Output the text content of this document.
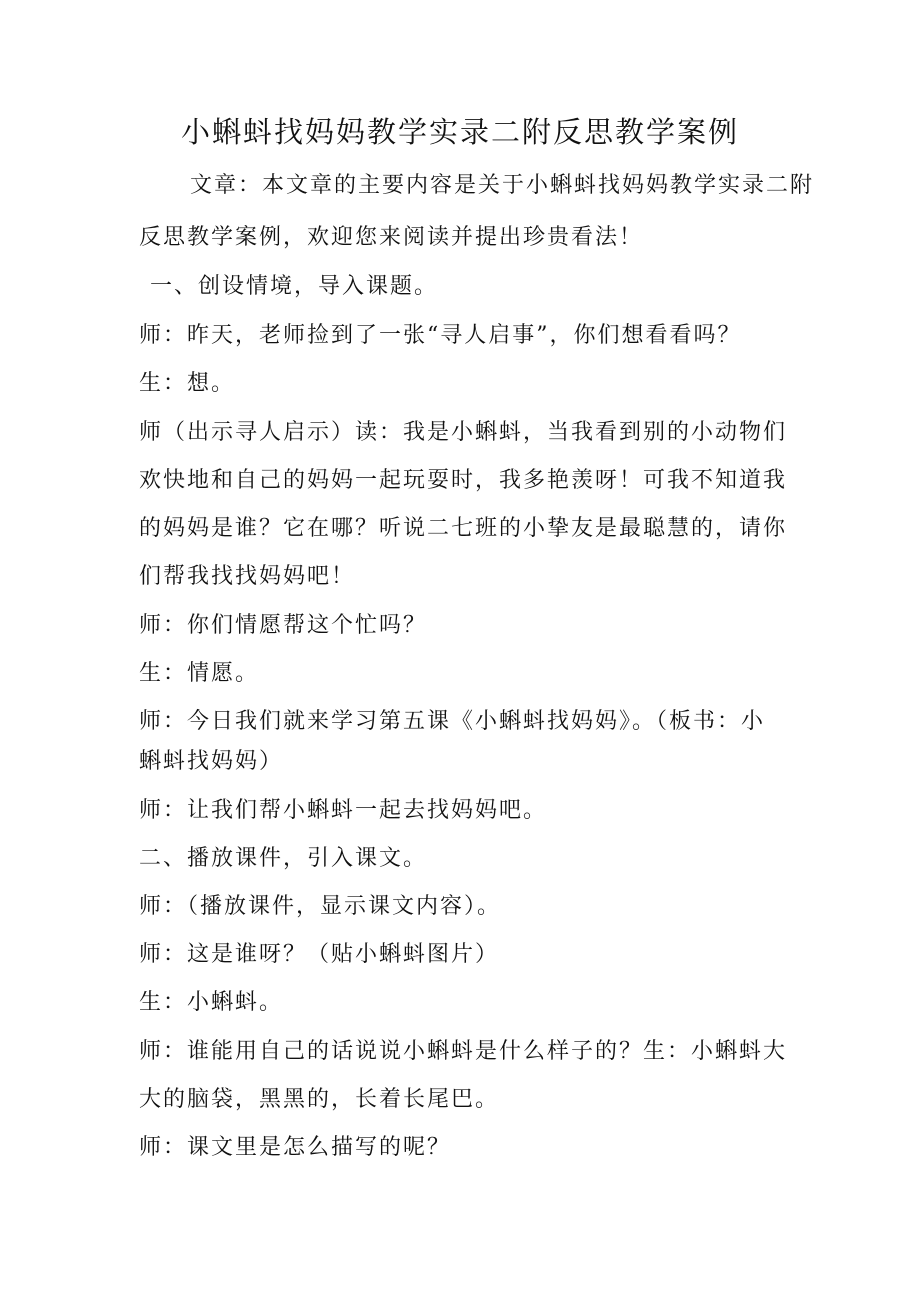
小蝌蚪找妈妈教学实录二附反思教学案例
文章：本文章的主要内容是关于小蝌蚪找妈妈教学实录二附
反思教学案例，欢迎您来阅读并提出珍贵看法！
一、创设情境，导入课题。
师：昨天，老师捡到了一张“寻人启事”，你们想看看吗？
生：想。
师（出示寻人启示）读：我是小蝌蚪，当我看到别的小动物们
欢快地和自己的妈妈一起玩耍时，我多艳羡呀！可我不知道我
的妈妈是谁？它在哪？听说二七班的小挚友是最聪慧的，请你
们帮我找找妈妈吧！
师：你们情愿帮这个忙吗？
生：情愿。
师：今日我们就来学习第五课《小蝌蚪找妈妈》。（板书：小
蝌蚪找妈妈）
师：让我们帮小蝌蚪一起去找妈妈吧。
二、播放课件，引入课文。
师：（播放课件，显示课文内容）。
师：这是谁呀？（贴小蝌蚪图片）
生：小蝌蚪。
师：谁能用自己的话说说小蝌蚪是什么样子的？生：小蝌蚪大
大的脑袋，黑黑的，长着长尾巴。
师：课文里是怎么描写的呢？
